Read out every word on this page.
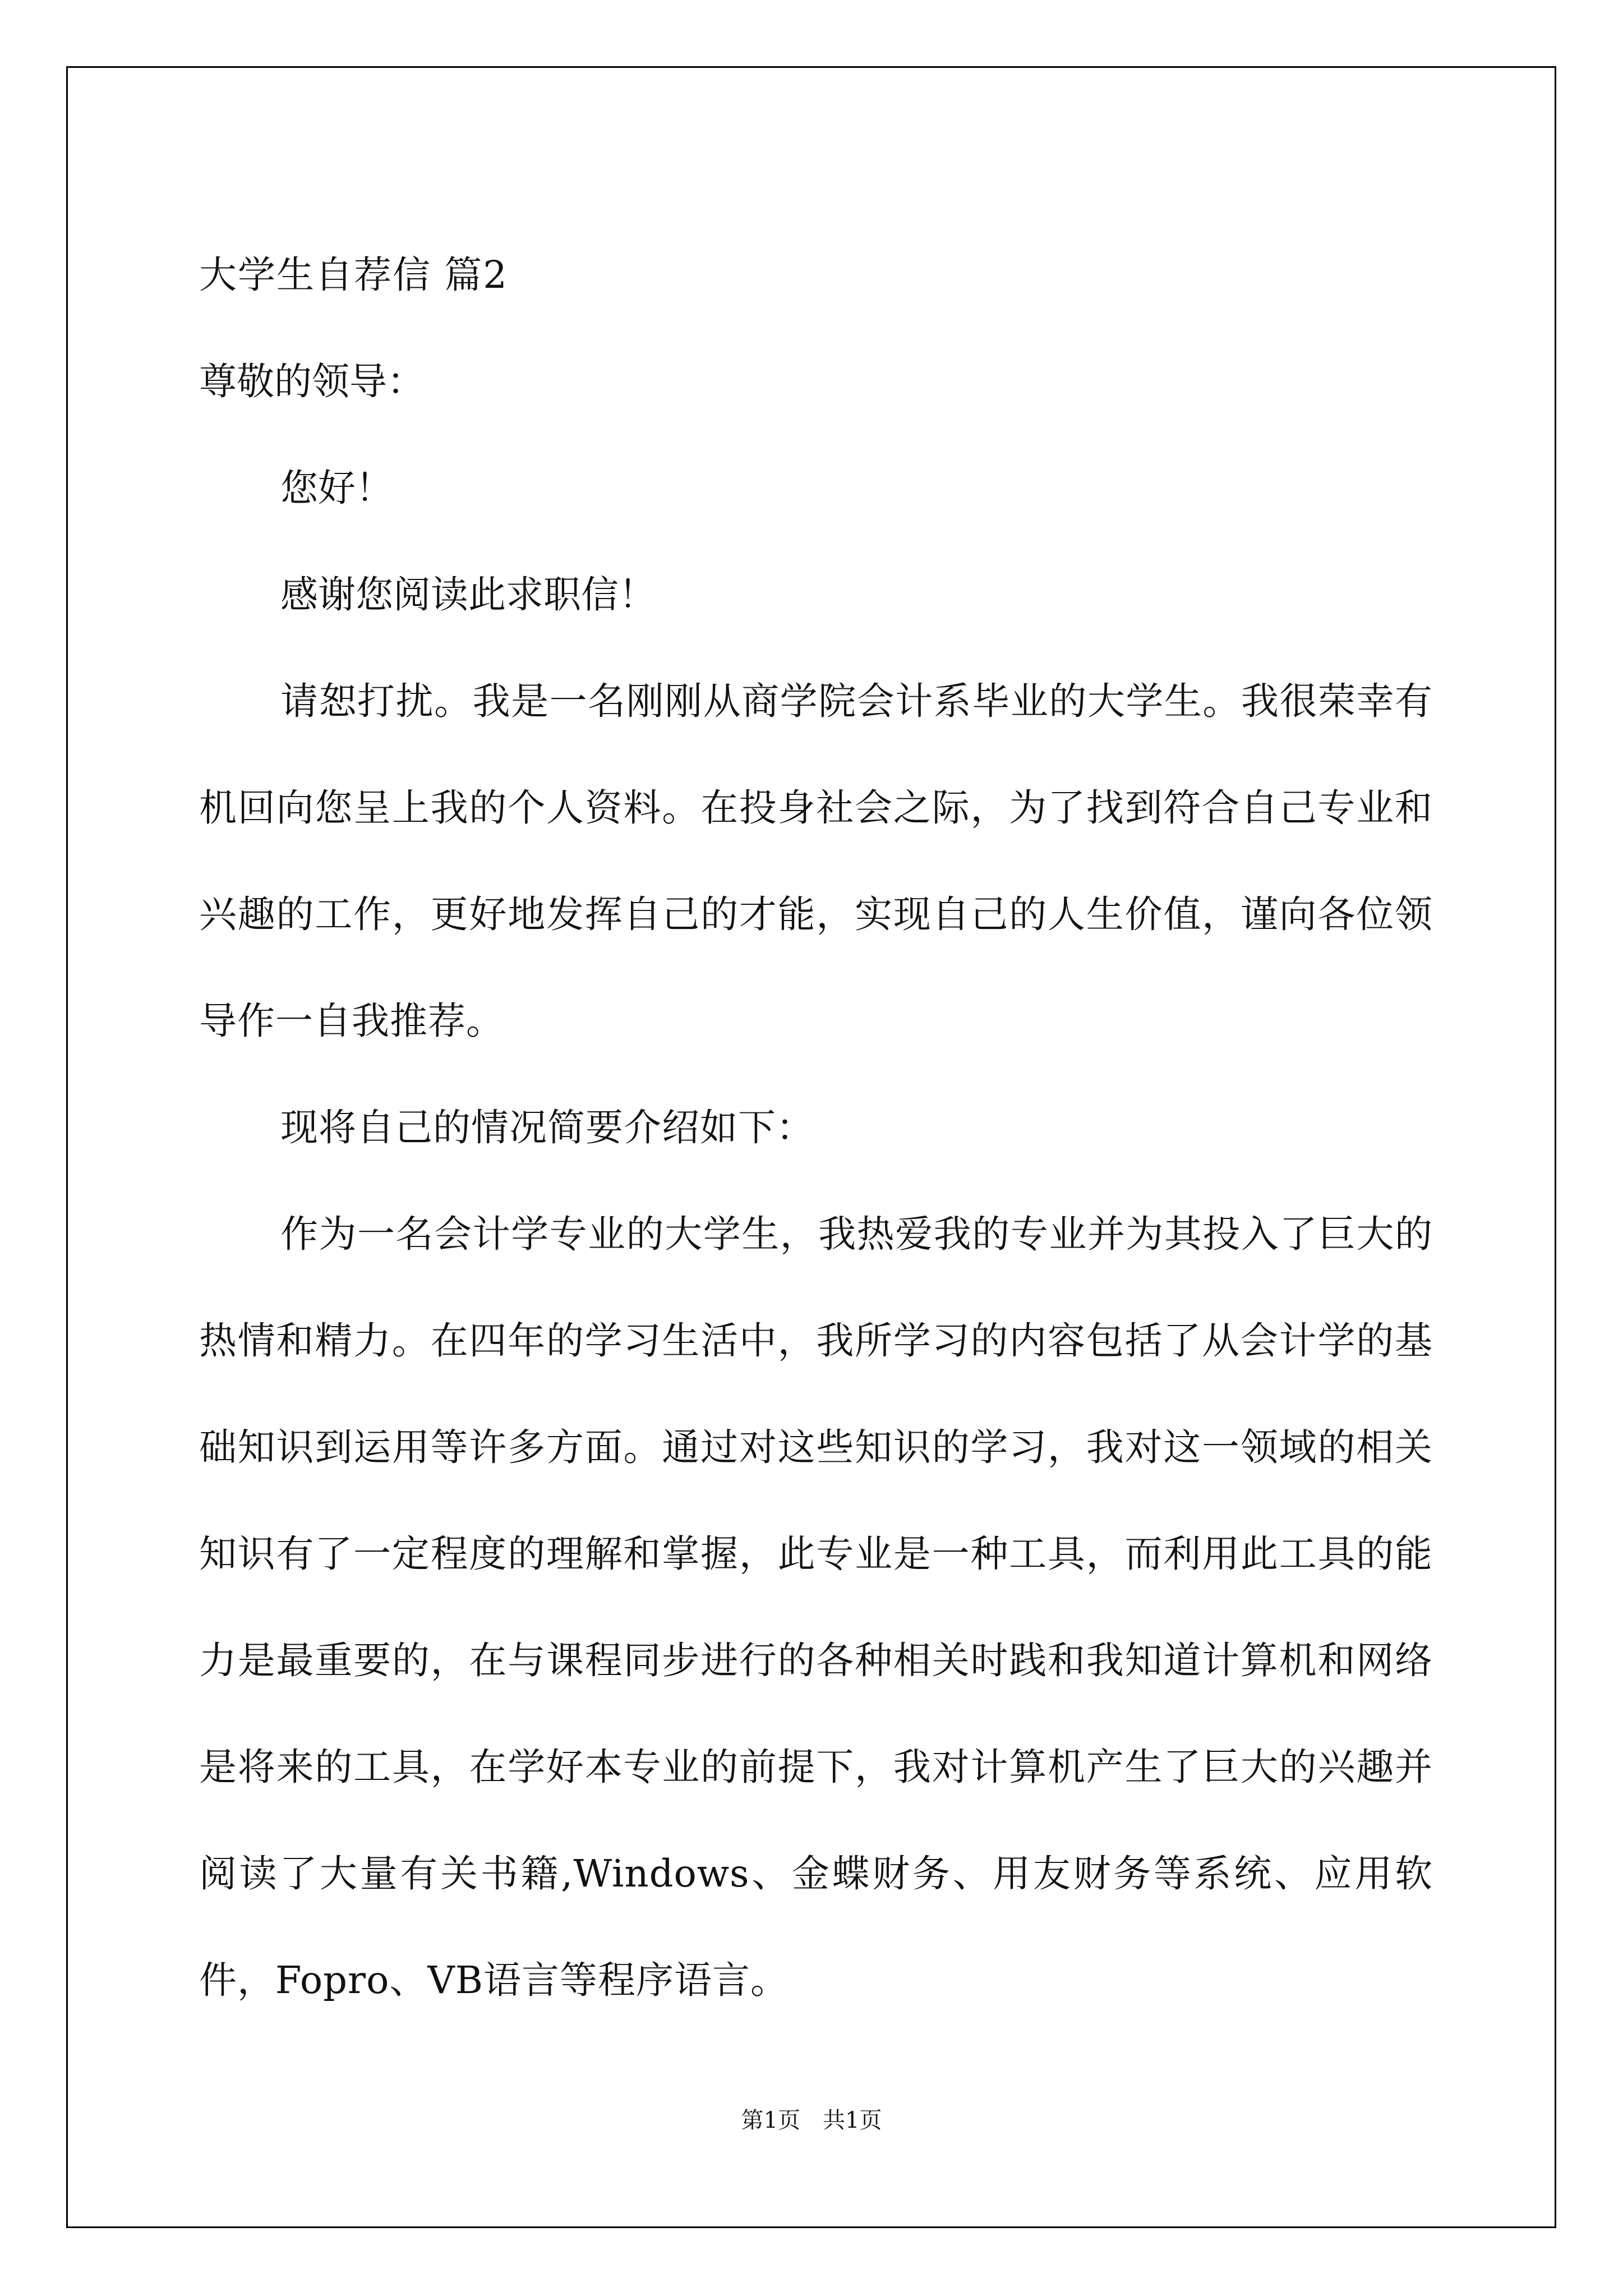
大学生自荐信 篇2

尊敬的领导：

您好！

感谢您阅读此求职信！

请恕打扰。我是一名刚刚从商学院会计系毕业的大学生。我很荣幸有机回向您呈上我的个人资料。在投身社会之际，为了找到符合自己专业和兴趣的工作，更好地发挥自己的才能，实现自己的人生价值，谨向各位领导作一自我推荐。

现将自己的情况简要介绍如下：

作为一名会计学专业的大学生，我热爱我的专业并为其投入了巨大的热情和精力。在四年的学习生活中，我所学习的内容包括了从会计学的基础知识到运用等许多方面。通过对这些知识的学习，我对这一领域的相关知识有了一定程度的理解和掌握，此专业是一种工具，而利用此工具的能力是最重要的，在与课程同步进行的各种相关时践和我知道计算机和网络是将来的工具，在学好本专业的前提下，我对计算机产生了巨大的兴趣并阅读了大量有关书籍,Windows、金蝶财务、用友财务等系统、应用软件，Fopro、VB语言等程序语言。

第1页 共1页
